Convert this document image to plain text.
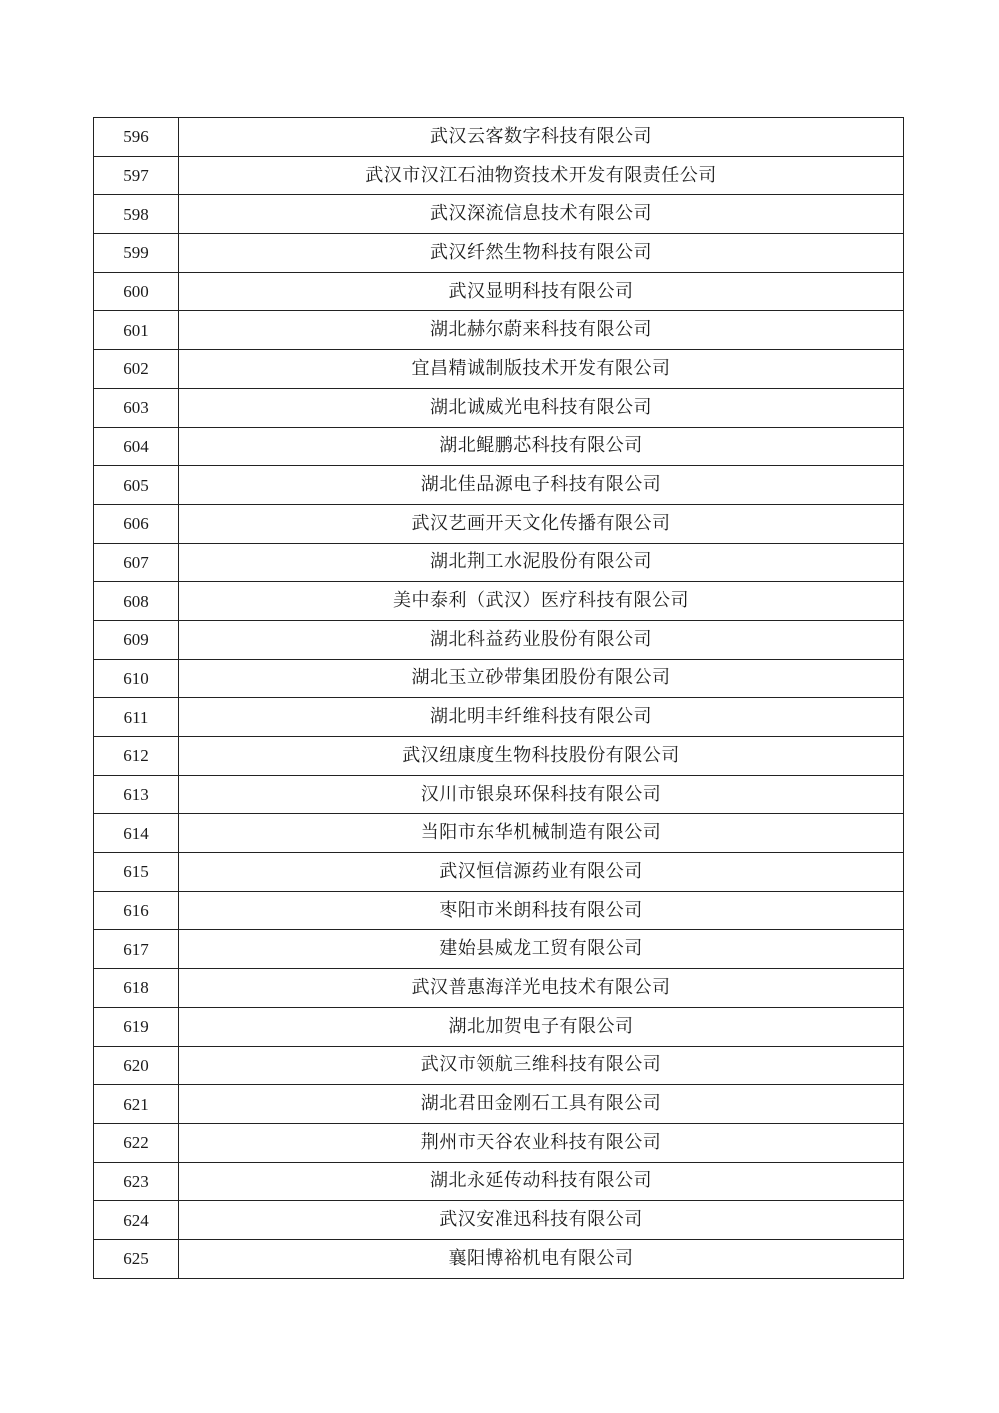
596	武汉云客数字科技有限公司
597	武汉市汉江石油物资技术开发有限责任公司
598	武汉深流信息技术有限公司
599	武汉纤然生物科技有限公司
600	武汉显明科技有限公司
601	湖北赫尔蔚来科技有限公司
602	宜昌精诚制版技术开发有限公司
603	湖北诚威光电科技有限公司
604	湖北鲲鹏芯科技有限公司
605	湖北佳品源电子科技有限公司
606	武汉艺画开天文化传播有限公司
607	湖北荆工水泥股份有限公司
608	美中泰利（武汉）医疗科技有限公司
609	湖北科益药业股份有限公司
610	湖北玉立砂带集团股份有限公司
611	湖北明丰纤维科技有限公司
612	武汉纽康度生物科技股份有限公司
613	汉川市银泉环保科技有限公司
614	当阳市东华机械制造有限公司
615	武汉恒信源药业有限公司
616	枣阳市米朗科技有限公司
617	建始县威龙工贸有限公司
618	武汉普惠海洋光电技术有限公司
619	湖北加贺电子有限公司
620	武汉市领航三维科技有限公司
621	湖北君田金刚石工具有限公司
622	荆州市天谷农业科技有限公司
623	湖北永延传动科技有限公司
624	武汉安准迅科技有限公司
625	襄阳博裕机电有限公司
